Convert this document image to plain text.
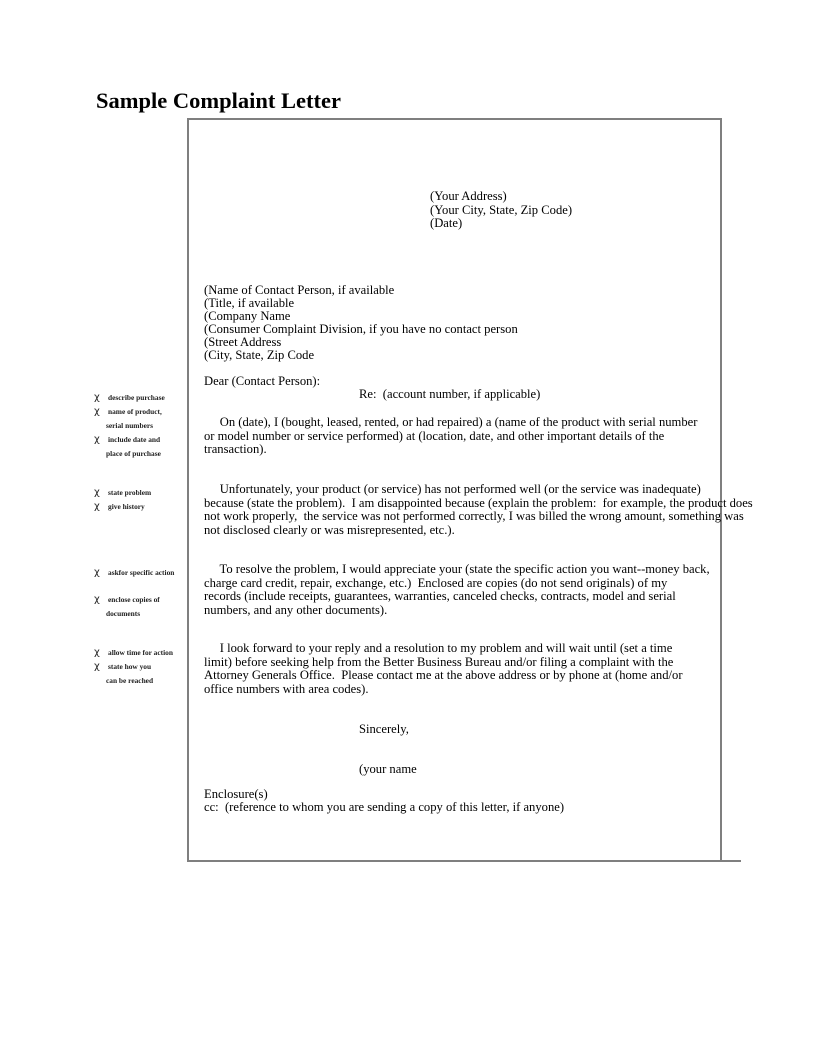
Sample Complaint Letter
(Your Address)
(Your City, State, Zip Code)
(Date)
(Name of Contact Person, if available
(Title, if available
(Company Name
(Consumer Complaint Division, if you have no contact person
(Street Address
(City, State, Zip Code
Dear (Contact Person):
Re:  (account number, if applicable)
On (date), I (bought, leased, rented, or had repaired) a (name of the product with serial number
or model number or service performed) at (location, date, and other important details of the
transaction).
Unfortunately, your product (or service) has not performed well (or the service was inadequate)
because (state the problem).  I am disappointed because (explain the problem:  for example, the product does
not work properly,  the service was not performed correctly, I was billed the wrong amount, something was
not disclosed clearly or was misrepresented, etc.).
To resolve the problem, I would appreciate your (state the specific action you want--money back,
charge card credit, repair, exchange, etc.)  Enclosed are copies (do not send originals) of my
records (include receipts, guarantees, warranties, canceled checks, contracts, model and serial
numbers, and any other documents).
I look forward to your reply and a resolution to my problem and will wait until (set a time
limit) before seeking help from the Better Business Bureau and/or filing a complaint with the
Attorney Generals Office.  Please contact me at the above address or by phone at (home and/or
office numbers with area codes).
Sincerely,
(your name
Enclosure(s)
cc:  (reference to whom you are sending a copy of this letter, if anyone)
χ	describe purchase
χ	name of product,
serial numbers
χ	include date and
place of purchase
χ	state problem
χ	give history
χ	askfor specific action
χ	enclose copies of
documents
χ	allow time for action
χ	state how you
can be reached
